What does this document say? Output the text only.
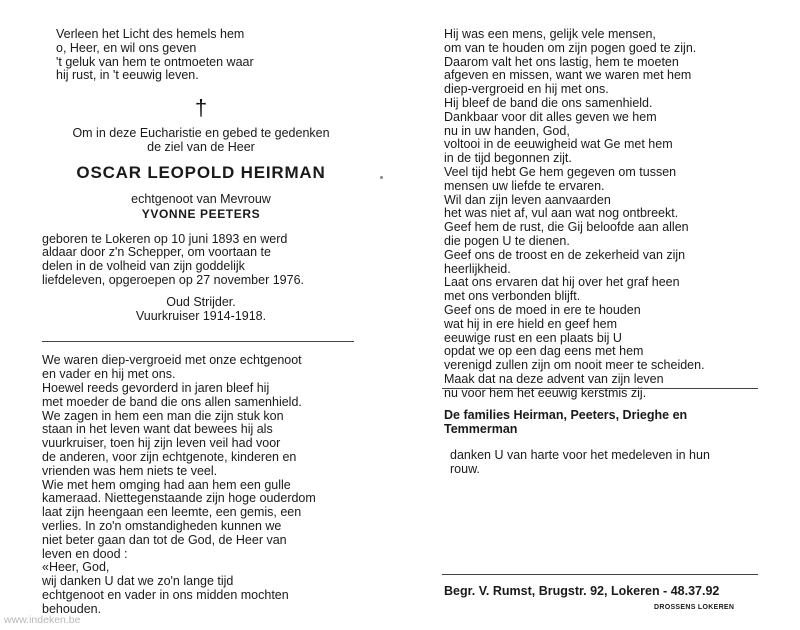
Verleen het Licht des hemels hem
o, Heer, en wil ons geven
't geluk van hem te ontmoeten waar
hij rust, in 't eeuwig leven.
†
Om in deze Eucharistie en gebed te gedenken
de ziel van de Heer
OSCAR LEOPOLD HEIRMAN
echtgenoot van Mevrouw
YVONNE PEETERS
geboren te Lokeren op 10 juni 1893 en werd
aldaar door z'n Schepper, om voortaan te
delen in de volheid van zijn goddelijk
liefdeleven, opgeroepen op 27 november 1976.
Oud Strijder.
Vuurkruiser 1914-1918.
We waren diep-vergroeid met onze echtgenoot
en vader en hij met ons.
Hoewel reeds gevorderd in jaren bleef hij
met moeder de band die ons allen samenhield.
We zagen in hem een man die zijn stuk kon
staan in het leven want dat bewees hij als
vuurkruiser, toen hij zijn leven veil had voor
de anderen, voor zijn echtgenote, kinderen en
vrienden was hem niets te veel.
Wie met hem omging had aan hem een gulle
kameraad. Niettegenstaande zijn hoge ouderdom
laat zijn heengaan een leemte, een gemis, een
verlies. In zo'n omstandigheden kunnen we
niet beter gaan dan tot de God, de Heer van
leven en dood :
«Heer, God,
wij danken U dat we zo'n lange tijd
echtgenoot en vader in ons midden mochten
behouden.
Hij was een mens, gelijk vele mensen,
om van te houden om zijn pogen goed te zijn.
Daarom valt het ons lastig, hem te moeten
afgeven en missen, want we waren met hem
diep-vergroeid en hij met ons.
Hij bleef de band die ons samenhield.
Dankbaar voor dit alles geven we hem
nu in uw handen, God,
voltooi in de eeuwigheid wat Ge met hem
in de tijd begonnen zijt.
Veel tijd hebt Ge hem gegeven om tussen
mensen uw liefde te ervaren.
Wil dan zijn leven aanvaarden
het was niet af, vul aan wat nog ontbreekt.
Geef hem de rust, die Gij beloofde aan allen
die pogen U te dienen.
Geef ons de troost en de zekerheid van zijn
heerlijkheid.
Laat ons ervaren dat hij over het graf heen
met ons verbonden blijft.
Geef ons de moed in ere te houden
wat hij in ere hield en geef hem
eeuwige rust en een plaats bij U
opdat we op een dag eens met hem
verenigd zullen zijn om nooit meer te scheiden.
Maak dat na deze advent van zijn leven
nu voor hem het eeuwig kerstmis zij.
De families Heirman, Peeters, Drieghe en
Temmerman
danken U van harte voor het medeleven in hun
rouw.
Begr. V. Rumst, Brugstr. 92, Lokeren - 48.37.92
DROSSENS LOKEREN
www.indeken.be
